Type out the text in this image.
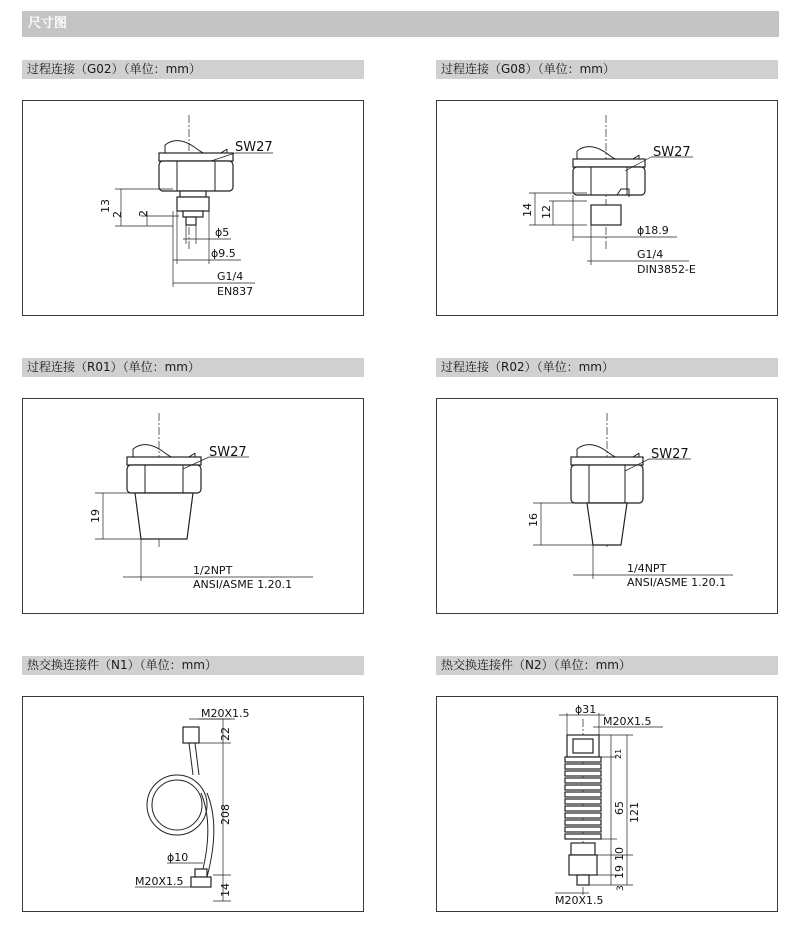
尺寸图
过程连接（G02）（单位：mm）
13
2 2
SW27
ϕ5
ϕ9.5
G1/4
EN837
过程连接（G08）（单位：mm）
14 12
SW27
ϕ18.9
G1/4
DIN3852-E
过程连接（R01）（单位：mm）
19
SW27
1/2NPT
ANSI/ASME 1.20.1
过程连接（R02）（单位：mm）
16
SW27
1/4NPT
ANSI/ASME 1.20.1
热交换连接件（N1）（单位：mm）
22
208
14
M20X1.5
ϕ10
M20X1.5
热交换连接件（N2）（单位：mm）
ϕ31
M20X1.5
21
65 121
10
19
3
M20X1.5
